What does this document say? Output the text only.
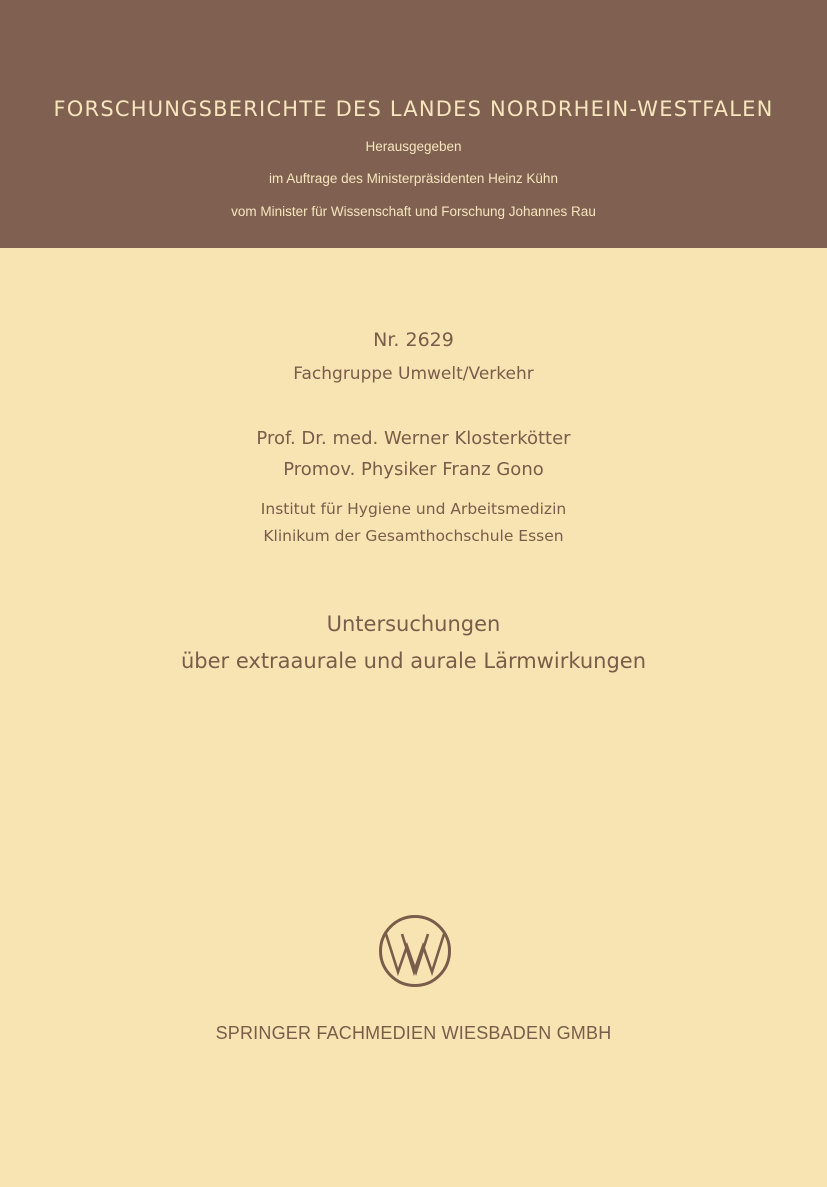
FORSCHUNGSBERICHTE DES LANDES NORDRHEIN-WESTFALEN
Herausgegeben
im Auftrage des Ministerpräsidenten Heinz Kühn
vom Minister für Wissenschaft und Forschung Johannes Rau
Nr. 2629
Fachgruppe Umwelt/Verkehr
Prof. Dr. med. Werner Klosterkötter
Promov. Physiker Franz Gono
Institut für Hygiene und Arbeitsmedizin
Klinikum der Gesamthochschule Essen
Untersuchungen
über extraaurale und aurale Lärmwirkungen
SPRINGER FACHMEDIEN WIESBADEN GMBH
